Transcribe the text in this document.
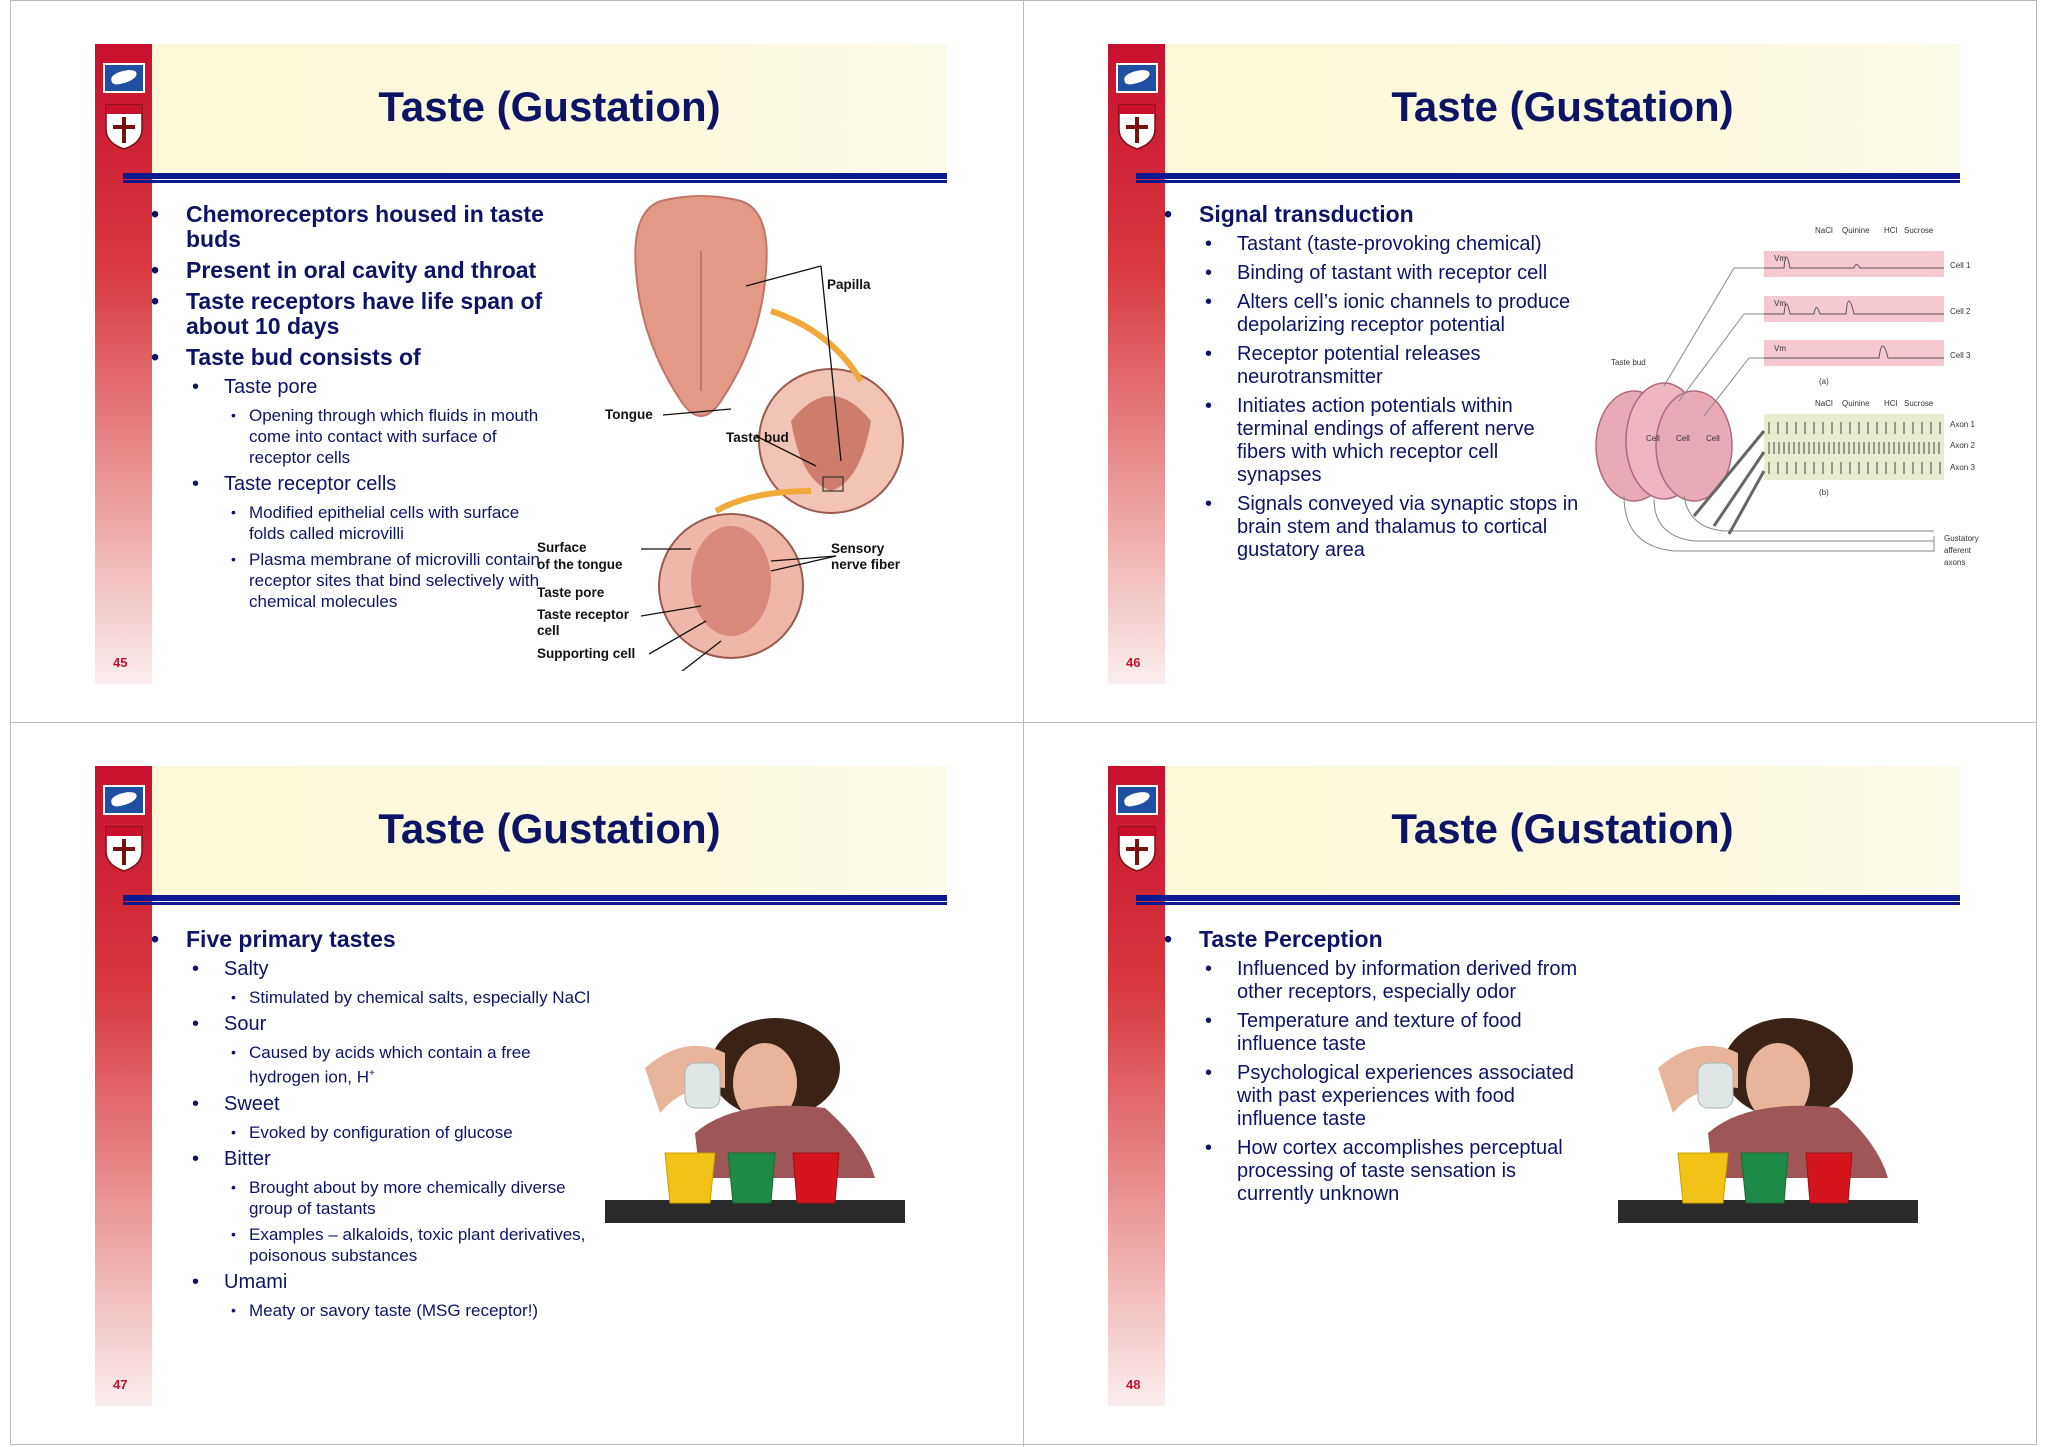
Taste (Gustation)
• Chemoreceptors housed in taste buds
• Present in oral cavity and throat
• Taste receptors have life span of about 10 days
• Taste bud consists of
• Taste pore
• Opening through which fluids in mouth come into contact with surface of receptor cells
• Taste receptor cells
• Modified epithelial cells with surface folds called microvilli
• Plasma membrane of microvilli contain receptor sites that bind selectively with chemical molecules
Papilla
Tongue
Taste bud
Surface
of the tongue
Sensory
nerve fiber
Taste pore
Taste receptor
cell
Supporting cell
45
Taste (Gustation)
• Signal transduction
• Tastant (taste-provoking chemical)
• Binding of tastant with receptor cell
• Alters cell’s ionic channels to produce depolarizing receptor potential
• Receptor potential releases neurotransmitter
• Initiates action potentials within terminal endings of afferent nerve fibers with which receptor cell synapses
• Signals conveyed via synaptic stops in brain stem and thalamus to cortical gustatory area
NaCl Quinine HCl Sucrose
Vm
Vm
Vm
Cell 1
Cell 2
Cell 3
(a)
Taste bud
NaCl Quinine HCl Sucrose
Axon 1
Axon 2
Axon 3
(b)
Cell Cell Cell
Gustatory
afferent
axons
46
Taste (Gustation)
• Five primary tastes
• Salty
• Stimulated by chemical salts, especially NaCl
• Sour
• Caused by acids which contain a free hydrogen ion, H+
• Sweet
• Evoked by configuration of glucose
• Bitter
• Brought about by more chemically diverse group of tastants
• Examples – alkaloids, toxic plant derivatives, poisonous substances
• Umami
• Meaty or savory taste (MSG receptor!)
47
Taste (Gustation)
• Taste Perception
• Influenced by information derived from other receptors, especially odor
• Temperature and texture of food influence taste
• Psychological experiences associated with past experiences with food influence taste
• How cortex accomplishes perceptual processing of taste sensation is currently unknown
48
